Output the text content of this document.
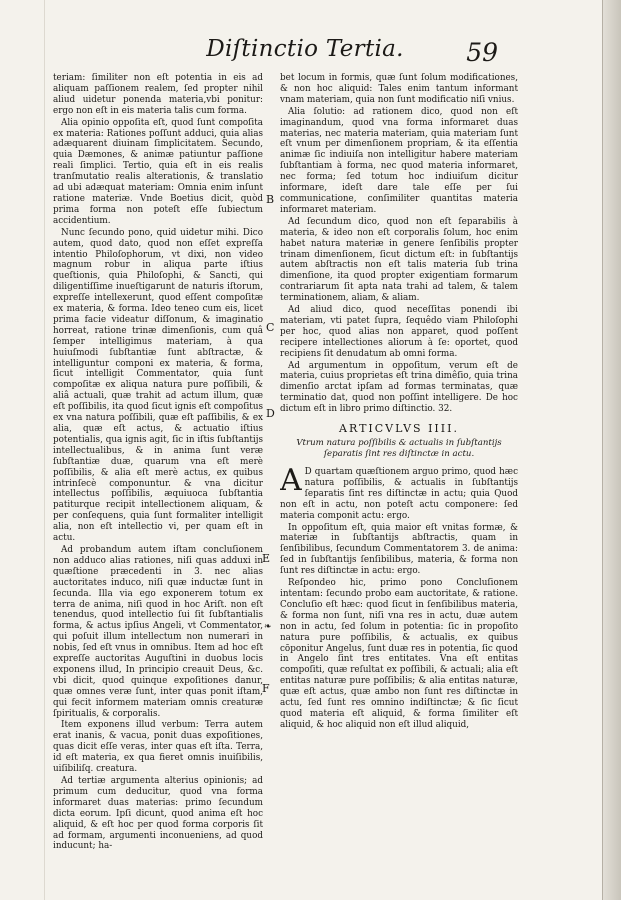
Diſtinctio Tertia.	59

teriam: ſimiliter non eſt potentia in eis ad aliquam paſſionem realem, ſed propter nihil aliud uidetur ponenda materia,vbi ponitur: ergo non eſt in eis materia talis cum forma.

Alia opinio oppoſita eſt, quod ſunt compoſita ex materia: Rationes poſſunt adduci, quia alias adæquarent diuinam ſimplicitatem. Secundo, quia Dæmones, & animæ patiuntur paſſione reali ſimplici. Tertio, quia eſt in eis realis tranſmutatio realis alterationis, & translatio ad ubi adæquat materiam: Omnia enim inſunt ratione materiæ. Vnde Boetius dicit, quòd prima forma non poteſt eſſe ſubiectum accidentium.

Nunc ſecundo pono, quid uidetur mihi. Dico autem, quod dato, quod non eſſet expreſſa intentio Philoſophorum, vt dixi, non video magnum robur in aliqua parte iſtius queſtionis, quia Philoſophi, & Sancti, qui diligentiſſime inueſtigarunt de naturis iſtorum, expreſſe intellexerunt, quod eſſent compoſitæ ex materia, & forma. Ideo teneo cum eis, licet prima facie videatur diſſonum, & imaginatio horreat, ratione trinæ dimenſionis, cum quâ ſemper intelligimus materiam, à qua huiuſmodi ſubſtantiæ ſunt abſtractæ, & intelliguntur componi ex materia, & forma, ſicut intelligit Commentator, quia ſunt compoſitæ ex aliqua natura pure poſſibili, & aliâ actuali, quæ trahit ad actum illum, quæ eſt poſſibilis, ita quod ſicut ignis eſt compoſitus ex vna natura poſſibili, quæ eſt paſſibilis, & ex alia, quæ eſt actus, & actuatio iſtius potentialis, qua ignis agit, ſic in iſtis ſubſtantijs intellectualibus, & in anima ſunt veræ ſubſtantiæ duæ, quarum vna eſt merè poſſibilis, & alia eſt merè actus, ex quibus intrinſecè componuntur. & vna dicitur intellectus poſſibilis, æquiuoca ſubſtantia patiturque recipit intellectionem aliquam, & per conſequens, quia ſunt formaliter intelligit alia, non eſt intellectio vi, per quam eſt in actu.

Ad probandum autem iſtam concluſionem non adduco alias rationes, niſi quas adduxi in quæſtione præcedenti in 3. nec alias auctoritates induco, niſi quæ inductæ ſunt in ſecunda. Illa via ego exponerem totum ex terra de anima, niſi quod in hoc Ariſt. non eſt tenendus, quod intellectio ſui ſit ſubſtantialis forma, & actus ipſius Angeli, vt Commentator, qui poſuit illum intellectum non numerari in nobis, ſed eſt vnus in omnibus. Item ad hoc eſt expreſſe auctoritas Auguſtini in duobus locis exponens illud, In principio creauit Deus, &c. vbi dicit, quod quinque expoſitiones danur, quæ omnes veræ ſunt, inter quas ponit iſtam, qui fecit informem materiam omnis creaturæ ſpiritualis, & corporalis.

Item exponens illud verbum: Terra autem erat inanis, & vacua, ponit duas expoſitiones, quas dicit eſſe veras, inter quas eſt iſta. Terra, id eſt materia, ex qua fieret omnis inuiſibilis, uiſibiliſq. creatura.

Ad tertiæ argumenta alterius opinionis; ad primum cum deducitur, quod vna forma informaret duas materias: primo ſecundum dicta eorum. Ipſi dicunt, quod anima eſt hoc aliquid, & eſt hoc per quod forma corporis ſit ad formam, argumenti inconueniens, ad quod inducunt; ha-

B
C
D
E
F
❧

bet locum in formis, quæ ſunt ſolum modificationes, & non hoc aliquid: Tales enim tantum informant vnam materiam, quia non ſunt modificatio niſi vnius.

Alia ſolutio: ad rationem dico, quod non eſt imaginandum, quod vna forma informaret duas materias, nec materia materiam, quia materiam ſunt eſt vnum per dimenſionem propriam, & ita eſſentia animæ ſic indiuiſa non intelligitur habere materiam ſubſtantiam à forma, nec quod materia informaret, nec forma; ſed totum hoc indiuiſum dicitur informare, ideſt dare tale eſſe per ſui communicatione, conſimiliter quantitas materia informaret materiam.

Ad ſecundum dico, quod non eſt ſeparabilis à materia, & ideo non eſt corporalis ſolum, hoc enim habet natura materiæ in genere ſenſibilis propter trinam dimenſionem, ſicut dictum eſt: in ſubſtantijs autem abſtractis non eſt talis materia ſub trina dimenſione, ita quod propter exigentiam formarum contrariarum ſit apta nata trahi ad talem, & talem terminationem, aliam, & aliam.

Ad aliud dico, quod neceſſitas ponendi ibi materiam, vti patet ſupra, ſequêdo viam Philoſophi per hoc, quod alias non apparet, quod poſſent recipere intellectiones aliorum à ſe: oportet, quod recipiens ſit denudatum ab omni forma.

Ad argumentum in oppoſitum, verum eſt de materia, cuius proprietas eſt trina dimêſio, quia trina dimenſio arctat ipſam ad formas terminatas, quæ terminatio dat, quod non poſſint intelligere. De hoc dictum eſt in libro primo diſtinctio. 32.

ARTICVLVS IIII.
Vtrum natura poſſibilis & actualis in ſubſtantijs ſeparatis ſint res diſtinctæ in actu.

A D quartam quæſtionem arguo primo, quod hæc natura poſſibilis, & actualis in ſubſtantijs ſeparatis ſint res diſtinctæ in actu; quia Quod non eſt in actu, non poteſt actu componere: ſed materia componit actu: ergo.

In oppoſitum eſt, quia maior eſt vnitas formæ, & materiæ in ſubſtantijs abſtractis, quam in ſenſibilibus, ſecundum Commentatorem 3. de anima: ſed in ſubſtantijs ſenſibilibus, materia, & forma non ſunt res diſtinctæ in actu: ergo.

Reſpondeo hic, primo pono Concluſionem intentam: ſecundo probo eam auctoritate, & ratione. Concluſio eſt hæc: quod ſicut in ſenſibilibus materia, & forma non ſunt, niſi vna res in actu, duæ autem non in actu, ſed ſolum in potentia: ſic in propoſito natura pure poſſibilis, & actualis, ex quibus cōponitur Angelus, ſunt duæ res in potentia, ſic quod in Angelo ſint tres entitates. Vna eſt entitas compoſiti, quæ reſultat ex poſſibili, & actuali; alia eſt entitas naturæ pure poſſibilis; & alia entitas naturæ, quæ eſt actus, quæ ambo non ſunt res diſtinctæ in actu, ſed ſunt res omnino indiſtinctæ; & ſic ſicut quod materia eſt aliquid, & forma ſimiliter eſt aliquid, & hoc aliquid non eſt illud aliquid,
